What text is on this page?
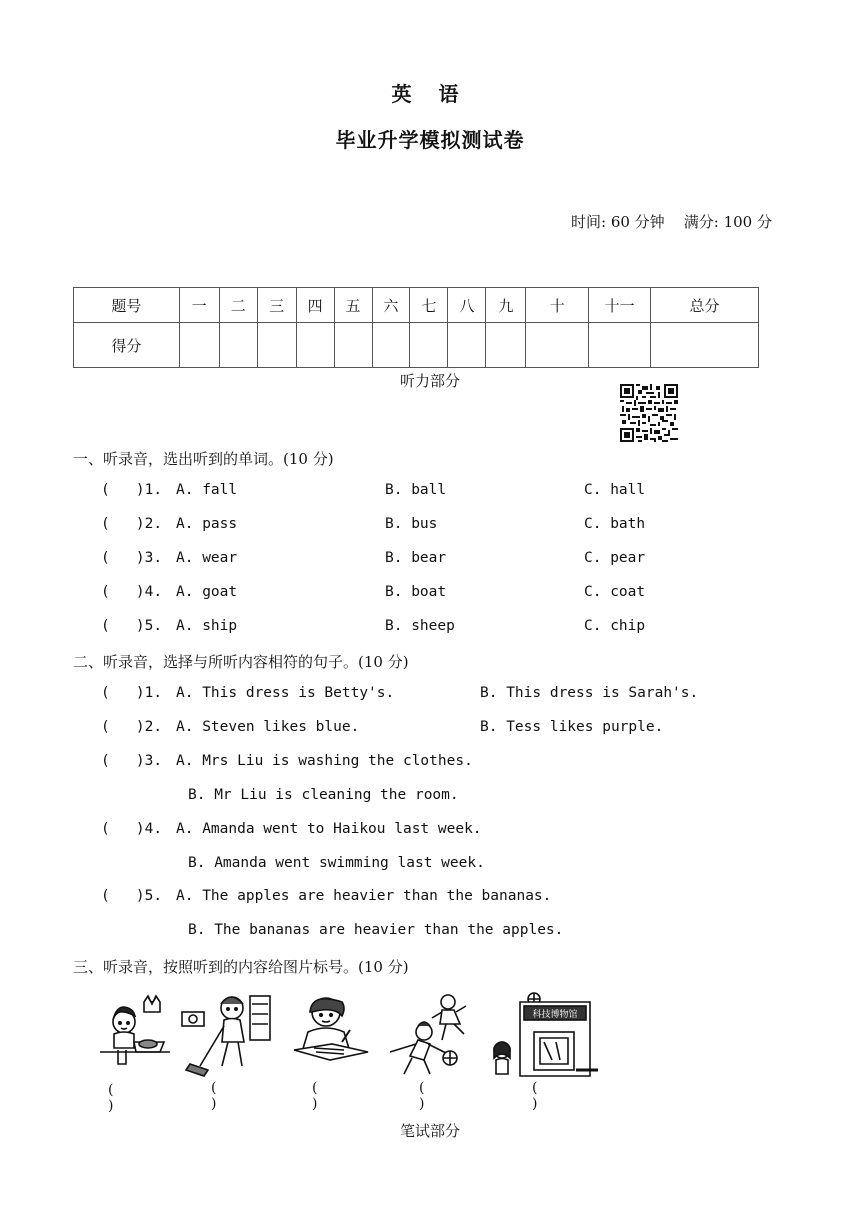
英 语
毕业升学模拟测试卷
时间: 60 分钟 满分: 100 分
题号	一	二	三	四	五	六	七	八	九	十	十一	总分
得分												
听力部分
一、听录音，选出听到的单词。(10 分)
(   )1. A. fall	B. ball	C. hall
(   )2. A. pass	B. bus	C. bath
(   )3. A. wear	B. bear	C. pear
(   )4. A. goat	B. boat	C. coat
(   )5. A. ship	B. sheep	C. chip
二、听录音，选择与所听内容相符的句子。(10 分)
(   )1. A. This dress is Betty's.	B. This dress is Sarah's.
(   )2. A. Steven likes blue.	B. Tess likes purple.
(   )3. A. Mrs Liu is washing the clothes.
B. Mr Liu is cleaning the room.
(   )4. A. Amanda went to Haikou last week.
B. Amanda went swimming last week.
(   )5. A. The apples are heavier than the bananas.
B. The bananas are heavier than the apples.
三、听录音，按照听到的内容给图片标号。(10 分)
科技博物馆
( )
( )
( )
( )
( )
笔试部分
